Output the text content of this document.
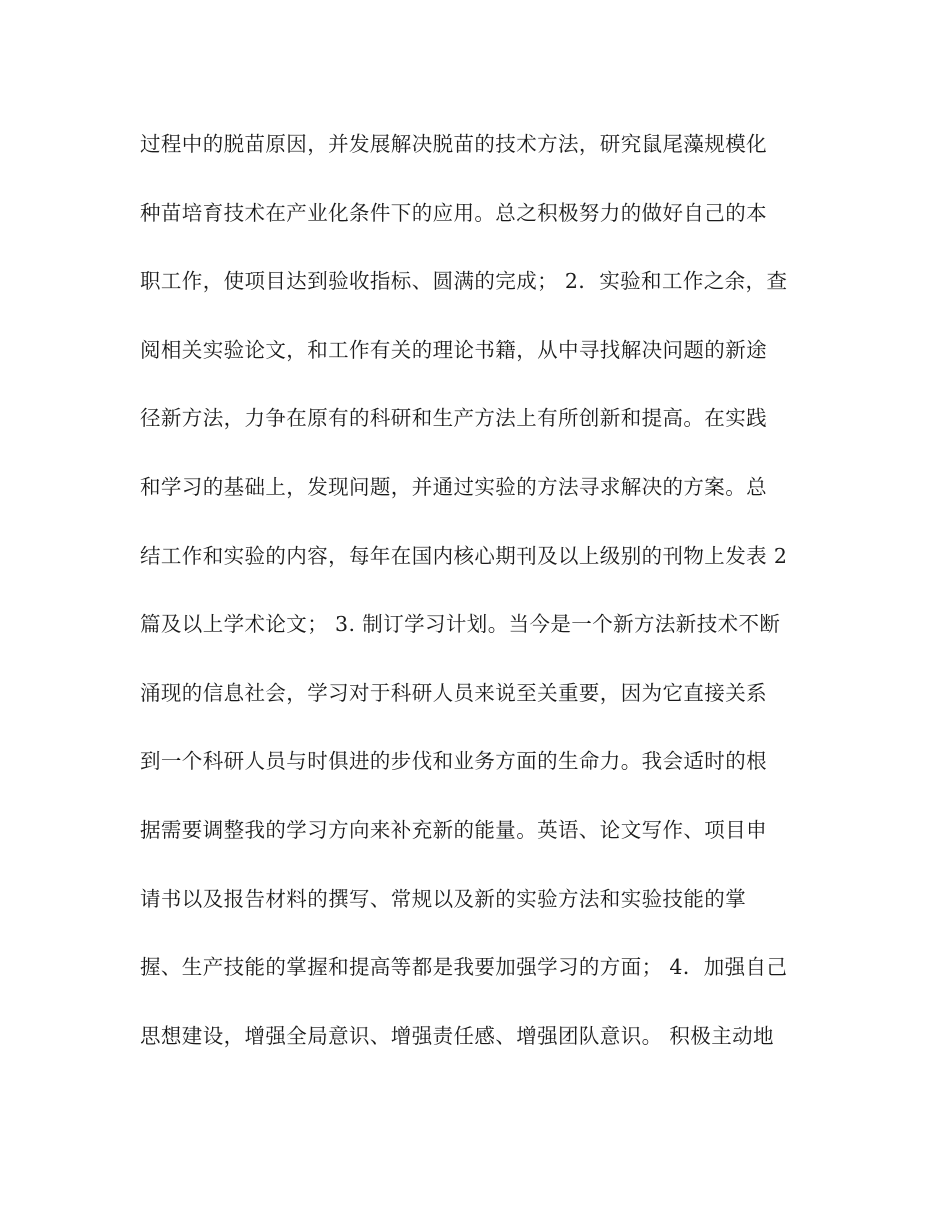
过程中的脱苗原因，并发展解决脱苗的技术方法，研究鼠尾藻规模化
种苗培育技术在产业化条件下的应用。总之积极努力的做好自己的本
职工作，使项目达到验收指标、圆满的完成； 2．实验和工作之余，查
阅相关实验论文，和工作有关的理论书籍，从中寻找解决问题的新途
径新方法，力争在原有的科研和生产方法上有所创新和提高。在实践
和学习的基础上，发现问题，并通过实验的方法寻求解决的方案。总
结工作和实验的内容，每年在国内核心期刊及以上级别的刊物上发表 2
篇及以上学术论文； 3. 制订学习计划。当今是一个新方法新技术不断
涌现的信息社会，学习对于科研人员来说至关重要，因为它直接关系
到一个科研人员与时俱进的步伐和业务方面的生命力。我会适时的根
据需要调整我的学习方向来补充新的能量。英语、论文写作、项目申
请书以及报告材料的撰写、常规以及新的实验方法和实验技能的掌
握、生产技能的掌握和提高等都是我要加强学习的方面； 4．加强自己
思想建设，增强全局意识、增强责任感、增强团队意识。 积极主动地
